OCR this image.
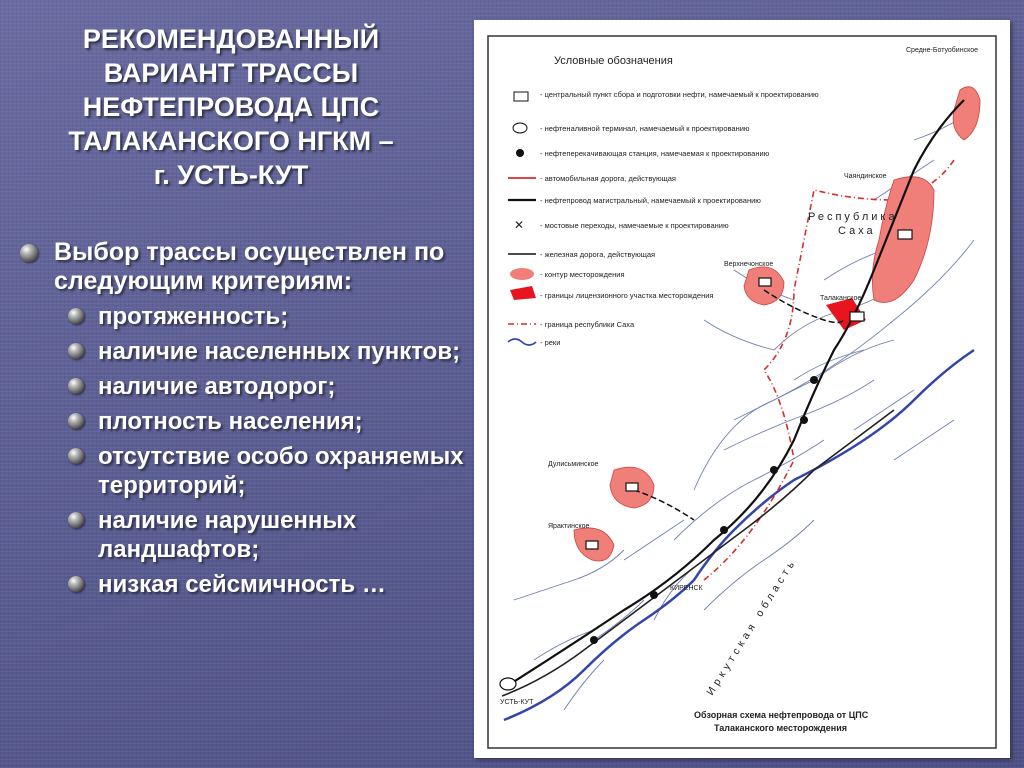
РЕКОМЕНДОВАННЫЙ
ВАРИАНТ ТРАССЫ
НЕФТЕПРОВОДА ЦПС
ТАЛАКАНСКОГО НГКМ –
г. УСТЬ-КУТ
Выбор трассы осуществлен по следующим критериям:
протяженность;
наличие населенных пунктов;
наличие автодорог;
плотность населения;
отсутствие особо охраняемых территорий;
наличие нарушенных ландшафтов;
низкая сейсмичность …
Условные обозначения
✕
- центральный пункт сбора и подготовки нефти, намечаемый к проектированию
- нефтеналивной терминал, намечаемый к проектированию
- нефтеперекачивающая станция, намечаемая к проектированию
- автомобильная дорога, действующая
- нефтепровод магистральный, намечаемый к проектированию
- мостовые переходы, намечаемые к проектированию
- железная дорога, действующая
- контур месторождения
- границы лицензионного участка месторождения
- граница республики Саха
- реки
Средне-Ботуобинское
Чаяндинское
Верхнечонское
Талаканское
Дулисьминское
Ярактинское
УСТЬ-КУТ
КИРЕНСК
Республика
Саха
Иркутская область
Обзорная схема нефтепровода от ЦПС
Талаканского месторождения
